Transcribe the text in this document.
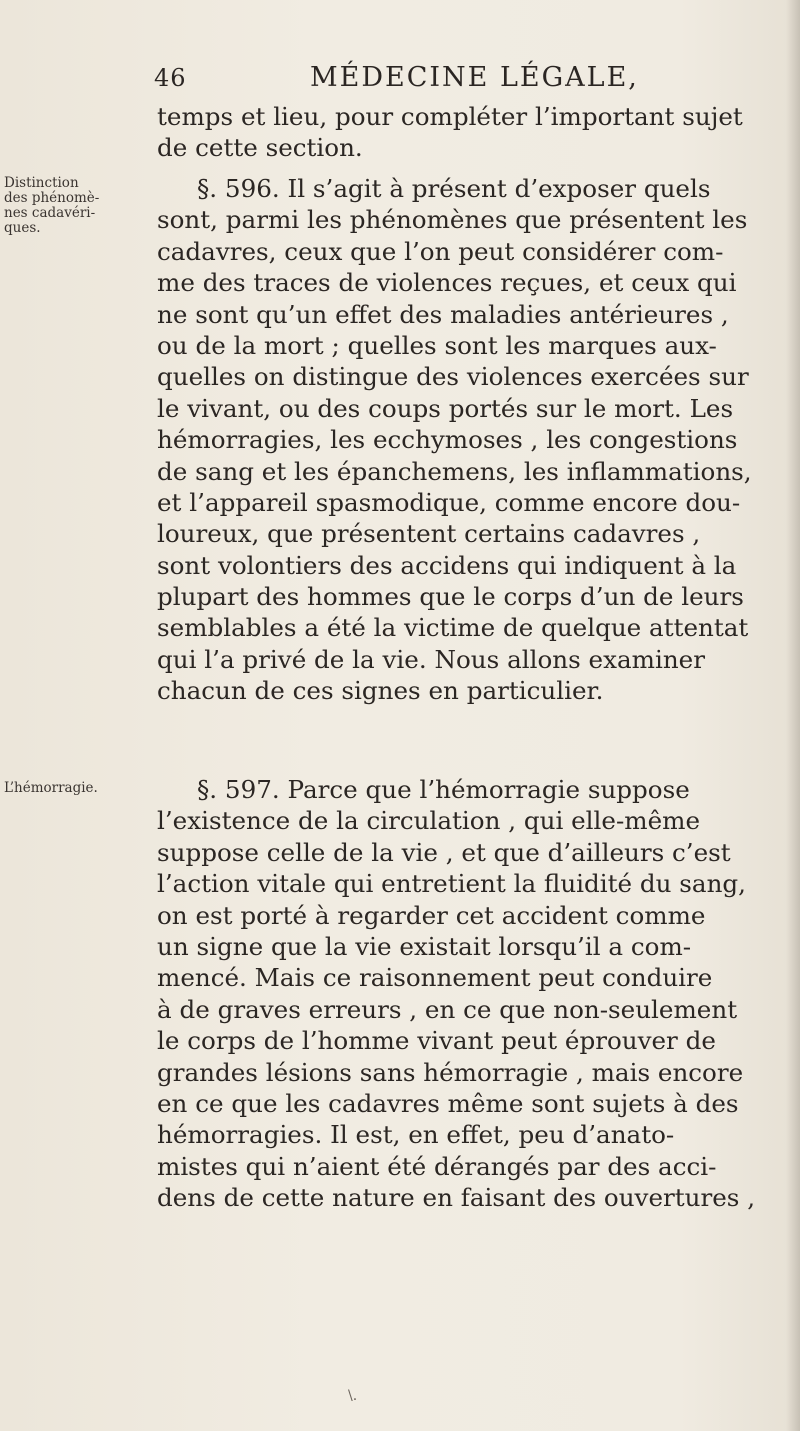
46	MÉDECINE LÉGALE,
temps et lieu, pour compléter l’important sujet
de cette section.
Distinction
des phénomè-
nes cadavéri-
ques.
§. 596. Il s’agit à présent d’exposer quels
sont, parmi les phénomènes que présentent les
cadavres, ceux que l’on peut considérer com-
me des traces de violences reçues, et ceux qui
ne sont qu’un effet des maladies antérieures ,
ou de la mort ; quelles sont les marques aux-
quelles on distingue des violences exercées sur
le vivant, ou des coups portés sur le mort. Les
hémorragies, les ecchymoses , les congestions
de sang et les épanchemens, les inflammations,
et l’appareil spasmodique, comme encore dou-
loureux, que présentent certains cadavres ,
sont volontiers des accidens qui indiquent à la
plupart des hommes que le corps d’un de leurs
semblables a été la victime de quelque attentat
qui l’a privé de la vie. Nous allons examiner
chacun de ces signes en particulier.
L’hémorragie.	§. 597. Parce que l’hémorragie suppose
l’existence de la circulation , qui elle-même
suppose celle de la vie , et que d’ailleurs c’est
l’action vitale qui entretient la fluidité du sang,
on est porté à regarder cet accident comme
un signe que la vie existait lorsqu’il a com-
mencé. Mais ce raisonnement peut conduire
à de graves erreurs , en ce que non-seulement
le corps de l’homme vivant peut éprouver de
grandes lésions sans hémorragie , mais encore
en ce que les cadavres même sont sujets à des
hémorragies. Il est, en effet, peu d’anato-
mistes qui n’aient été dérangés par des acci-
dens de cette nature en faisant des ouvertures ,
\.
